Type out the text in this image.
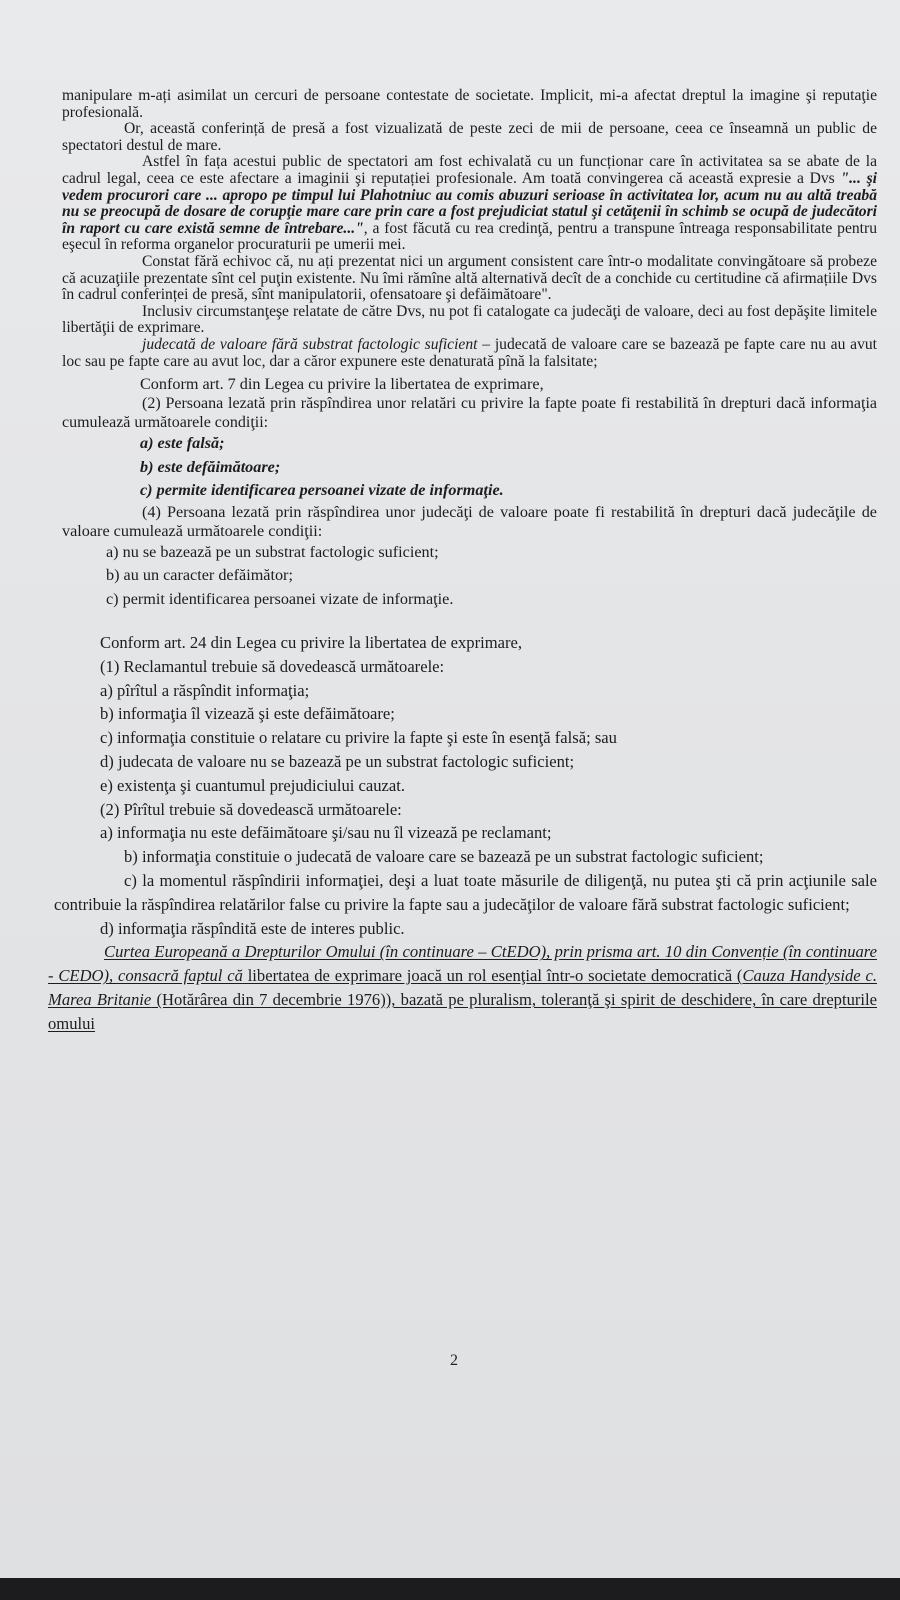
manipulare m-ați asimilat un cercuri de persoane contestate de societate. Implicit, mi-a afectat dreptul la imagine şi reputaţie profesională.

Or, această conferință de presă a fost vizualizată de peste zeci de mii de persoane, ceea ce înseamnă un public de spectatori destul de mare.

Astfel în fața acestui public de spectatori am fost echivalată cu un funcționar care în activitatea sa se abate de la cadrul legal, ceea ce este afectare a imaginii şi reputației profesionale. Am toată convingerea că această expresie a Dvs "... şi vedem procurori care ... apropo pe timpul lui Plahotniuc au comis abuzuri serioase în activitatea lor, acum nu au altă treabă nu se preocupă de dosare de corupţie mare care prin care a fost prejudiciat statul şi cetăţenii în schimb se ocupă de judecători în raport cu care există semne de întrebare...", a fost făcută cu rea credinţă, pentru a transpune întreaga responsabilitate pentru eşecul în reforma organelor procuraturii pe umerii mei.

Constat fără echivoc că, nu ați prezentat nici un argument consistent care într-o modalitate convingătoare să probeze că acuzaţiile prezentate sînt cel puţin existente. Nu îmi rămîne altă alternativă decît de a conchide cu certitudine că afirmațiile Dvs în cadrul conferinței de presă, sînt manipulatorii, ofensatoare şi defăimătoare".

Inclusiv circumstanţeşe relatate de către Dvs, nu pot fi catalogate ca judecăţi de valoare, deci au fost depăşite limitele libertăţii de exprimare.

judecată de valoare fără substrat factologic suficient – judecată de valoare care se bazează pe fapte care nu au avut loc sau pe fapte care au avut loc, dar a căror expunere este denaturată pînă la falsitate;

Conform art. 7 din Legea cu privire la libertatea de exprimare,

(2) Persoana lezată prin răspîndirea unor relatări cu privire la fapte poate fi restabilită în drepturi dacă informaţia cumulează următoarele condiţii:

a) este falsă;

b) este defăimătoare;

c) permite identificarea persoanei vizate de informaţie.

(4) Persoana lezată prin răspîndirea unor judecăţi de valoare poate fi restabilită în drepturi dacă judecăţile de valoare cumulează următoarele condiţii:

a) nu se bazează pe un substrat factologic suficient;

b) au un caracter defăimător;

c) permit identificarea persoanei vizate de informaţie.

Conform art. 24 din Legea cu privire la libertatea de exprimare,

(1) Reclamantul trebuie să dovedească următoarele:

a) pîrîtul a răspîndit informaţia;

b) informaţia îl vizează şi este defăimătoare;

c) informaţia constituie o relatare cu privire la fapte şi este în esenţă falsă; sau

d) judecata de valoare nu se bazează pe un substrat factologic suficient;

e) existenţa şi cuantumul prejudiciului cauzat.

(2) Pîrîtul trebuie să dovedească următoarele:

a) informaţia nu este defăimătoare şi/sau nu îl vizează pe reclamant;

b) informaţia constituie o judecată de valoare care se bazează pe un substrat factologic suficient;

c) la momentul răspîndirii informaţiei, deşi a luat toate măsurile de diligenţă, nu putea şti că prin acţiunile sale contribuie la răspîndirea relatărilor false cu privire la fapte sau a judecăţilor de valoare fără substrat factologic suficient;

d) informaţia răspîndită este de interes public.

Curtea Europeană a Drepturilor Omului (în continuare – CtEDO), prin prisma art. 10 din Convenție (în continuare - CEDO), consacră faptul că libertatea de exprimare joacă un rol esenţial într-o societate democratică (Cauza Handyside c. Marea Britanie (Hotărârea din 7 decembrie 1976)), bazată pe pluralism, toleranţă şi spirit de deschidere, în care drepturile omului

2
